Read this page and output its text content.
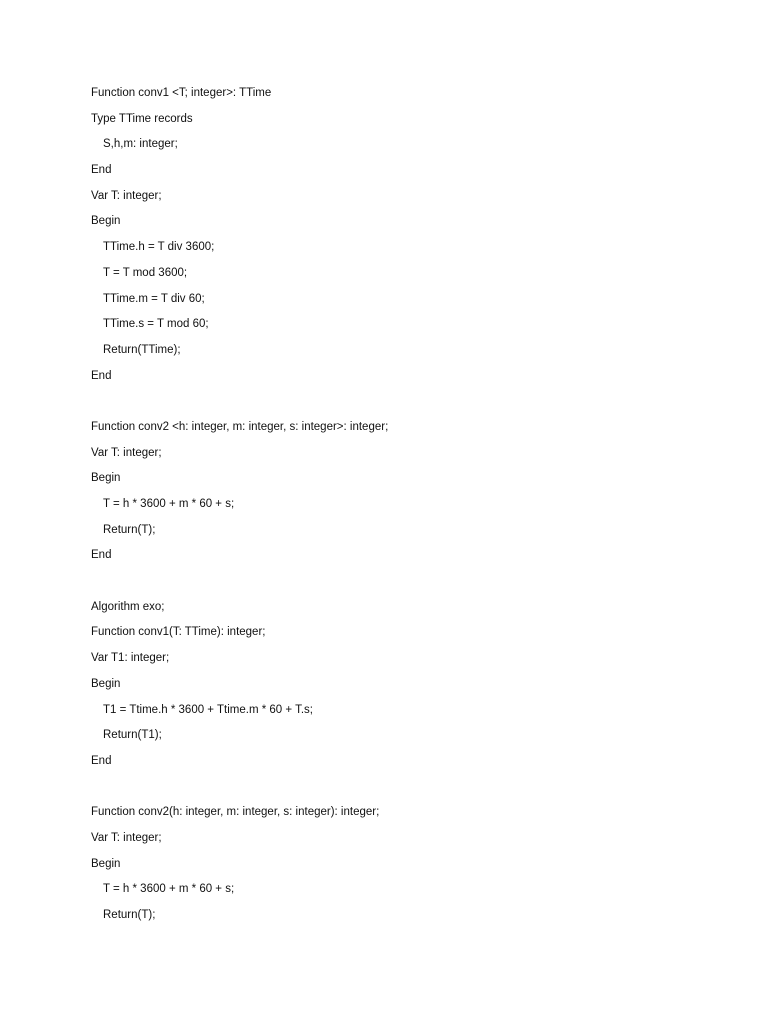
Function conv1 <T; integer>: TTime
Type TTime records
S,h,m: integer;
End
Var T: integer;
Begin
TTime.h = T div 3600;
T = T mod 3600;
TTime.m = T div 60;
TTime.s = T mod 60;
Return(TTime);
End
Function conv2 <h: integer, m: integer, s: integer>: integer;
Var T: integer;
Begin
T = h * 3600 + m * 60 + s;
Return(T);
End
Algorithm exo;
Function conv1(T: TTime): integer;
Var T1: integer;
Begin
T1 = Ttime.h * 3600 + Ttime.m * 60 + T.s;
Return(T1);
End
Function conv2(h: integer, m: integer, s: integer): integer;
Var T: integer;
Begin
T = h * 3600 + m * 60 + s;
Return(T);
